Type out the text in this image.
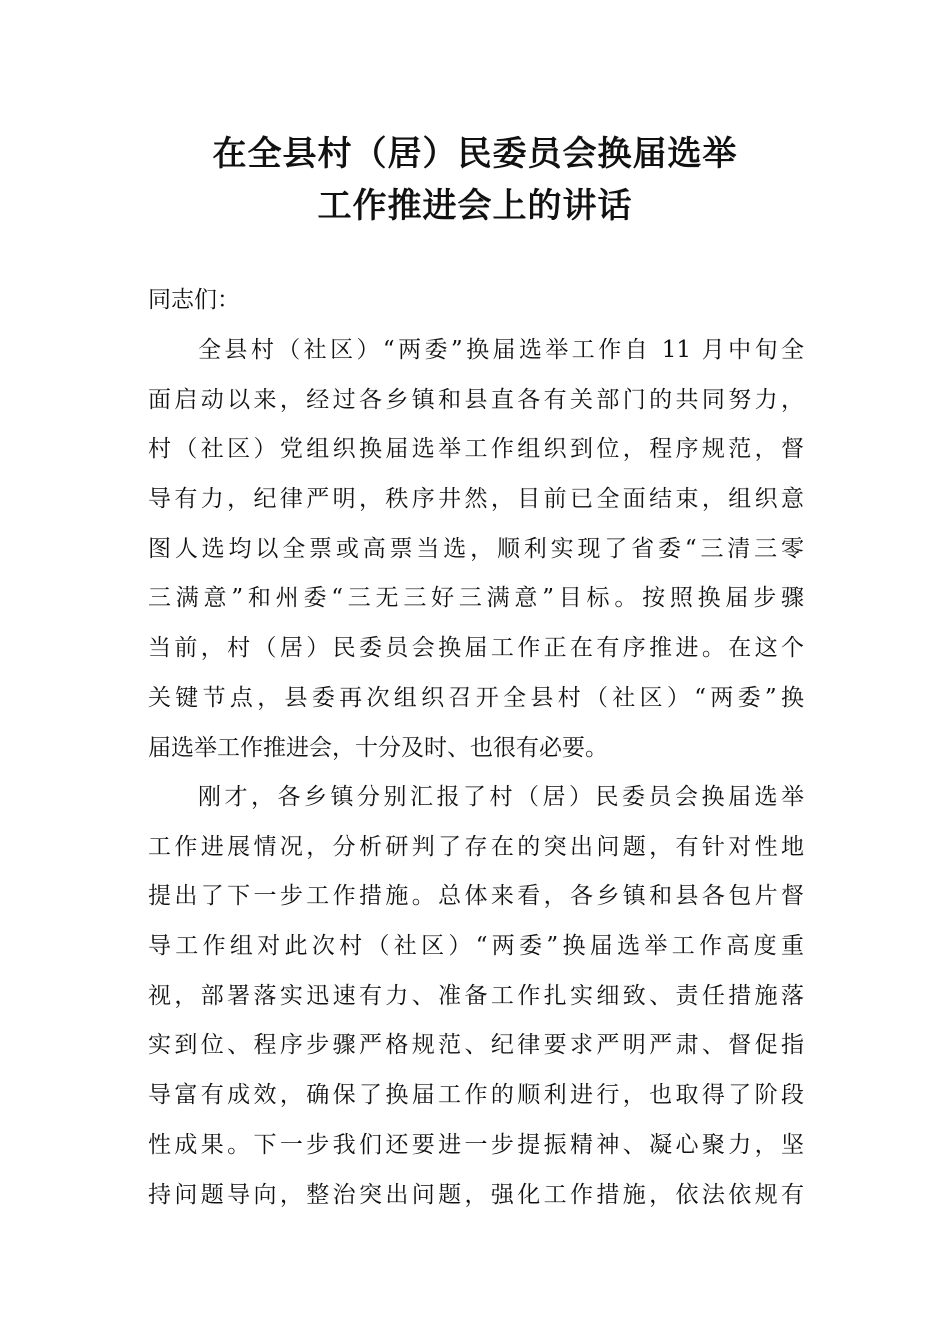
在全县村（居）民委员会换届选举
工作推进会上的讲话
同志们：
全县村（社区）“两委”换届选举工作自 11 月中旬全
面启动以来，经过各乡镇和县直各有关部门的共同努力，
村（社区）党组织换届选举工作组织到位，程序规范，督
导有力，纪律严明，秩序井然，目前已全面结束，组织意
图人选均以全票或高票当选，顺利实现了省委“三清三零
三满意”和州委“三无三好三满意”目标。按照换届步骤
当前，村（居）民委员会换届工作正在有序推进。在这个
关键节点，县委再次组织召开全县村（社区）“两委”换
届选举工作推进会，十分及时、也很有必要。
刚才，各乡镇分别汇报了村（居）民委员会换届选举
工作进展情况，分析研判了存在的突出问题，有针对性地
提出了下一步工作措施。总体来看，各乡镇和县各包片督
导工作组对此次村（社区）“两委”换届选举工作高度重
视，部署落实迅速有力、准备工作扎实细致、责任措施落
实到位、程序步骤严格规范、纪律要求严明严肃、督促指
导富有成效，确保了换届工作的顺利进行，也取得了阶段
性成果。下一步我们还要进一步提振精神、凝心聚力，坚
持问题导向，整治突出问题，强化工作措施，依法依规有
